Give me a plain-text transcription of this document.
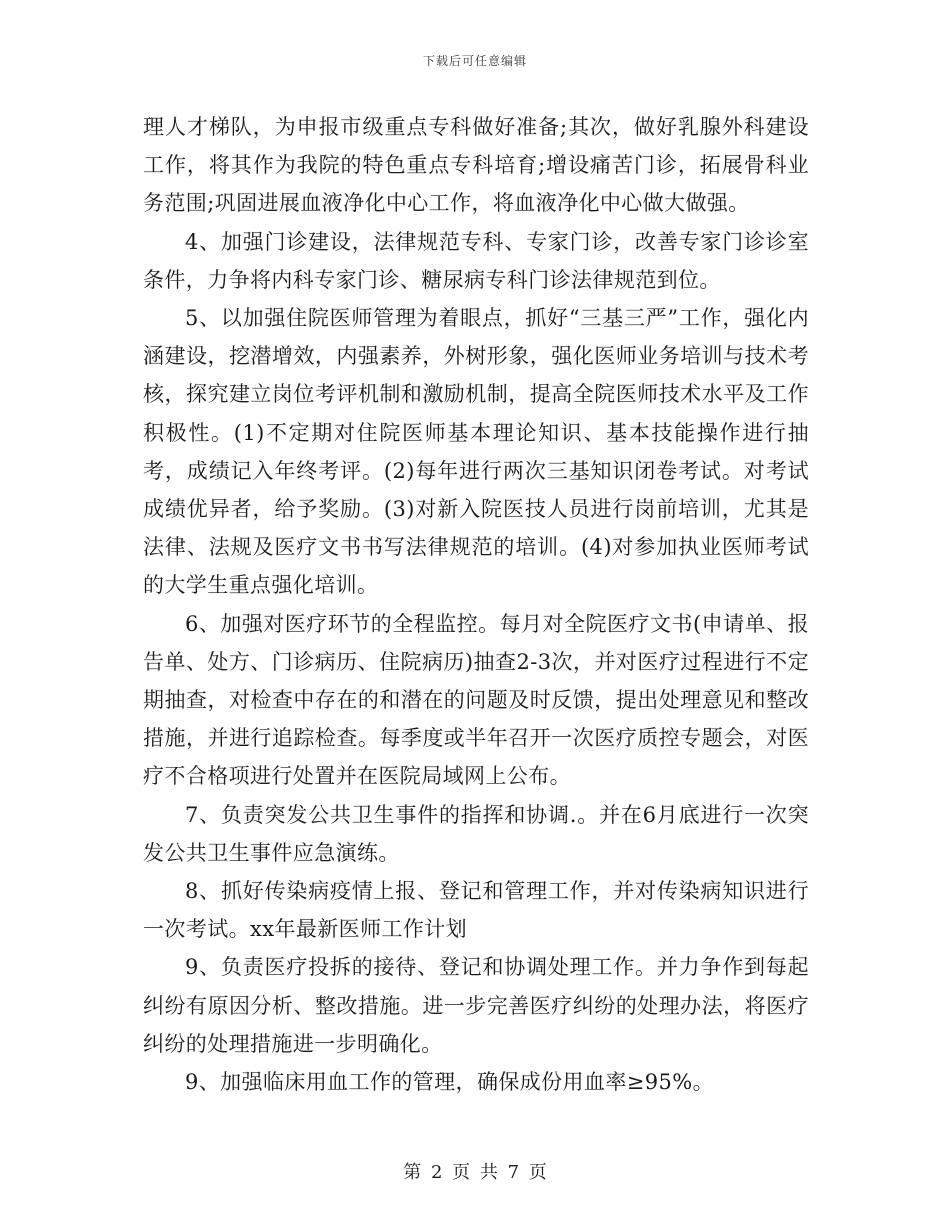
下载后可任意编辑

理人才梯队，为申报市级重点专科做好准备;其次，做好乳腺外科建设工作，将其作为我院的特色重点专科培育;增设痛苦门诊，拓展骨科业务范围;巩固进展血液净化中心工作，将血液净化中心做大做强。

4、加强门诊建设，法律规范专科、专家门诊，改善专家门诊诊室条件，力争将内科专家门诊、糖尿病专科门诊法律规范到位。

5、以加强住院医师管理为着眼点，抓好“三基三严”工作，强化内涵建设，挖潜增效，内强素养，外树形象，强化医师业务培训与技术考核，探究建立岗位考评机制和激励机制，提高全院医师技术水平及工作积极性。(1)不定期对住院医师基本理论知识、基本技能操作进行抽考，成绩记入年终考评。(2)每年进行两次三基知识闭卷考试。对考试成绩优异者，给予奖励。(3)对新入院医技人员进行岗前培训，尤其是法律、法规及医疗文书书写法律规范的培训。(4)对参加执业医师考试的大学生重点强化培训。

6、加强对医疗环节的全程监控。每月对全院医疗文书(申请单、报告单、处方、门诊病历、住院病历)抽查2-3次，并对医疗过程进行不定期抽查，对检查中存在的和潜在的问题及时反馈，提出处理意见和整改措施，并进行追踪检查。每季度或半年召开一次医疗质控专题会，对医疗不合格项进行处置并在医院局域网上公布。

7、负责突发公共卫生事件的指挥和协调.。并在6月底进行一次突发公共卫生事件应急演练。

8、抓好传染病疫情上报、登记和管理工作，并对传染病知识进行一次考试。xx年最新医师工作计划

9、负责医疗投拆的接待、登记和协调处理工作。并力争作到每起纠纷有原因分析、整改措施。进一步完善医疗纠纷的处理办法，将医疗纠纷的处理措施进一步明确化。

9、加强临床用血工作的管理，确保成份用血率≥95%。

第 2 页 共 7 页
